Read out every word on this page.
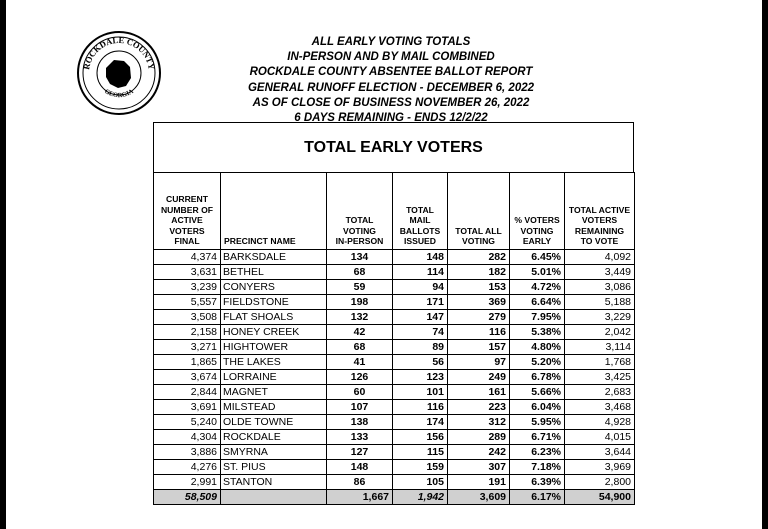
ROCKDALE COUNTY
GEORGIA
ALL EARLY VOTING TOTALS
IN-PERSON AND BY MAIL COMBINED
ROCKDALE COUNTY ABSENTEE BALLOT REPORT
GENERAL RUNOFF ELECTION - DECEMBER 6, 2022
AS OF CLOSE OF BUSINESS NOVEMBER 26, 2022
6 DAYS REMAINING - ENDS 12/2/22
TOTAL EARLY VOTERS
CURRENT
NUMBER OF
ACTIVE
VOTERS
FINAL	PRECINCT NAME	TOTAL
VOTING
IN-PERSON	TOTAL
MAIL
BALLOTS
ISSUED	TOTAL ALL
VOTING	% VOTERS
VOTING
EARLY	TOTAL ACTIVE
VOTERS
REMAINING
TO VOTE
4,374	BARKSDALE	134	148	282	6.45%	4,092
3,631	BETHEL	68	114	182	5.01%	3,449
3,239	CONYERS	59	94	153	4.72%	3,086
5,557	FIELDSTONE	198	171	369	6.64%	5,188
3,508	FLAT SHOALS	132	147	279	7.95%	3,229
2,158	HONEY CREEK	42	74	116	5.38%	2,042
3,271	HIGHTOWER	68	89	157	4.80%	3,114
1,865	THE LAKES	41	56	97	5.20%	1,768
3,674	LORRAINE	126	123	249	6.78%	3,425
2,844	MAGNET	60	101	161	5.66%	2,683
3,691	MILSTEAD	107	116	223	6.04%	3,468
5,240	OLDE TOWNE	138	174	312	5.95%	4,928
4,304	ROCKDALE	133	156	289	6.71%	4,015
3,886	SMYRNA	127	115	242	6.23%	3,644
4,276	ST. PIUS	148	159	307	7.18%	3,969
2,991	STANTON	86	105	191	6.39%	2,800
58,509		1,667	1,942	3,609	6.17%	54,900
